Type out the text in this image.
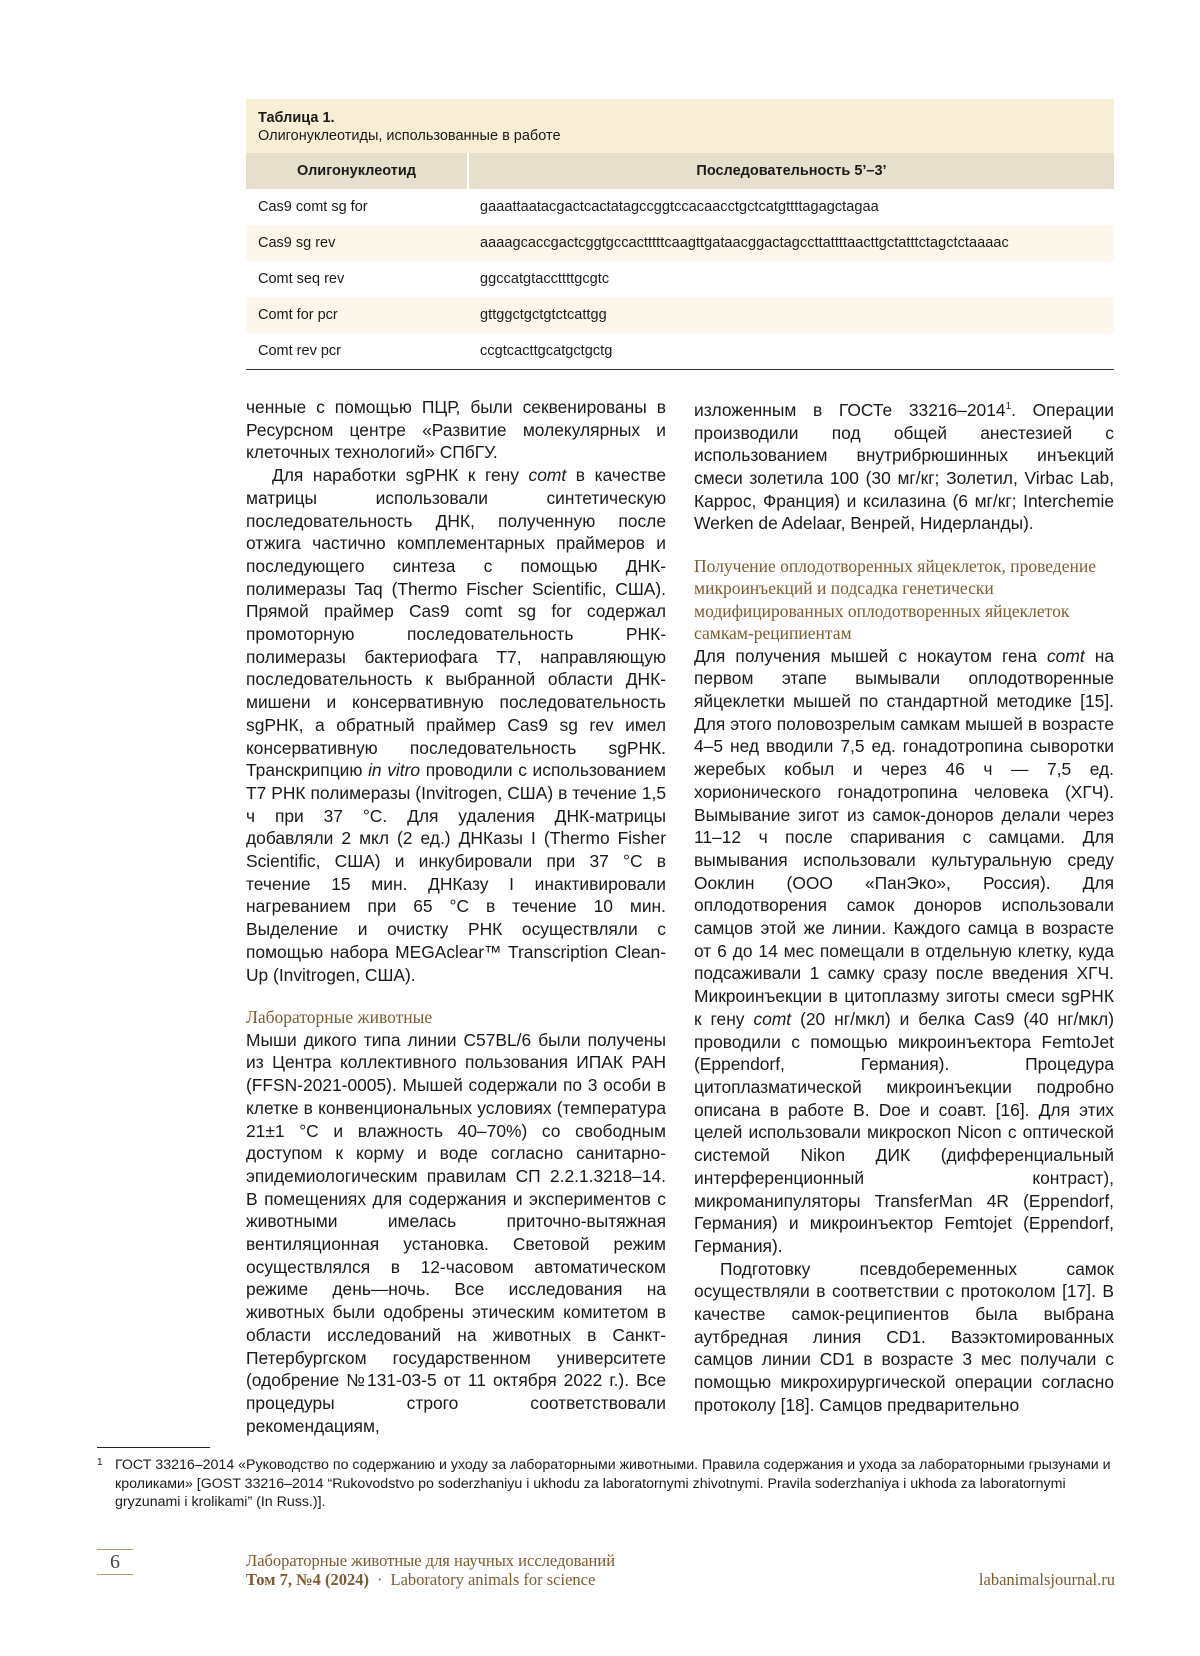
Таблица 1.
Олигонуклеотиды, использованные в работе
Олигонуклеотид	Последовательность 5’–3’
Cas9 comt sg for	gaaattaatacgactcactatagccggtccacaacctgctcatgttttagagctagaa
Cas9 sg rev	aaaagcaccgactcggtgccactttttcaagttgataacggactagccttattttaacttgctatttctagctctaaaac
Comt seq rev	ggccatgtaccttttgcgtc
Comt for pcr	gttggctgctgtctcattgg
Comt rev pcr	ccgtcacttgcatgctgctg

ченные с помощью ПЦР, были секвенированы в Ресурсном центре «Развитие молекулярных и клеточных технологий» СПбГУ.

Для наработки sgРНК к гену comt в качестве матрицы использовали синтетическую последовательность ДНК, полученную после отжига частично комплементарных праймеров и последующего синтеза с помощью ДНК-полимеразы Taq (Thermo Fischer Scientific, США). Прямой праймер Cas9 comt sg for содержал промоторную последовательность РНК-полимеразы бактериофага Т7, направляющую последовательность к выбранной области ДНК-мишени и консервативную последовательность sgРНК, а обратный праймер Cas9 sg rev имел консервативную последовательность sgРНК. Транскрипцию in vitro проводили с использованием Т7 РНК полимеразы (Invitrogen, США) в течение 1,5 ч при 37 °С. Для удаления ДНК-матрицы добавляли 2 мкл (2 ед.) ДНКазы I (Thermo Fisher Scientific, США) и инкубировали при 37 °С в течение 15 мин. ДНКазу I инактивировали нагреванием при 65 °С в течение 10 мин. Выделение и очистку РНК осуществляли с помощью набора MEGAclear™ Transcription Clean-Up (Invitrogen, США).

Лабораторные животные

Мыши дикого типа линии C57BL/6 были получены из Центра коллективного пользования ИПАК РАН (FFSN-2021-0005). Мышей содержали по 3 особи в клетке в конвенциональных условиях (температура 21±1 °С и влажность 40–70%) со свободным доступом к корму и воде согласно санитарно-эпидемиологическим правилам СП 2.2.1.3218–14. В помещениях для содержания и экспериментов с животными имелась приточно-вытяжная вентиляционная установка. Световой режим осуществлялся в 12-часовом автоматическом режиме день—ночь. Все исследования на животных были одобрены этическим комитетом в области исследований на животных в Санкт-Петербургском государственном университете (одобрение №131-03-5 от 11 октября 2022 г.). Все процедуры строго соответствовали рекомендациям,

изложенным в ГОСТе 33216–2014$^1$. Операции производили под общей анестезией с использованием внутрибрюшинных инъекций смеси золетила 100 (30 мг/кг; Золетил, Virbac Lab, Каррос, Франция) и ксилазина (6 мг/кг; Interchemie Werken de Adelaar, Венрей, Нидерланды).

Получение оплодотворенных яйцеклеток, проведение микроинъекций и подсадка генетически модифицированных оплодотворенных яйцеклеток самкам-реципиентам

Для получения мышей с нокаутом гена comt на первом этапе вымывали оплодотворенные яйцеклетки мышей по стандартной методике [15]. Для этого половозрелым самкам мышей в возрасте 4–5 нед вводили 7,5 ед. гонадотропина сыворотки жеребых кобыл и через 46 ч — 7,5 ед. хорионического гонадотропина человека (ХГЧ). Вымывание зигот из самок-доноров делали через 11–12 ч после спаривания с самцами. Для вымывания использовали культуральную среду Ооклин (ООО «ПанЭко», Россия). Для оплодотворения самок доноров использовали самцов этой же линии. Каждого самца в возрасте от 6 до 14 мес помещали в отдельную клетку, куда подсаживали 1 самку сразу после введения ХГЧ. Микроинъекции в цитоплазму зиготы смеси sgРНК к гену comt (20 нг/мкл) и белка Cas9 (40 нг/мкл) проводили с помощью микроинъектора FemtoJet (Eppendorf, Германия). Процедура цитоплазматической микроинъекции подробно описана в работе B. Doe и соавт. [16]. Для этих целей использовали микроскоп Nicon с оптической системой Nikon ДИК (дифференциальный интерференционный контраст), микроманипуляторы TransferMan 4R (Eppendorf, Германия) и микроинъектор Femtojet (Eppendorf, Германия).

Подготовку псевдобеременных самок осуществляли в соответствии с протоколом [17]. В качестве самок-реципиентов была выбрана аутбредная линия CD1. Вазэктомированных самцов линии CD1 в возрасте 3 мес получали с помощью микрохирургической операции согласно протоколу [18]. Самцов предварительно

1 ГОСТ 33216–2014 «Руководство по содержанию и уходу за лабораторными животными. Правила содержания и ухода за лабораторными грызунами и кроликами» [GOST 33216–2014 “Rukovodstvo po soderzhaniyu i ukhodu za laboratornymi zhivotnymi. Pravila soderzhaniya i ukhoda za laboratornymi gryzunami i krolikami” (In Russ.)].
6	Лабораторные животные для научных исследований
Том 7, №4 (2024) · Laboratory animals for science	labanimalsjournal.ru
